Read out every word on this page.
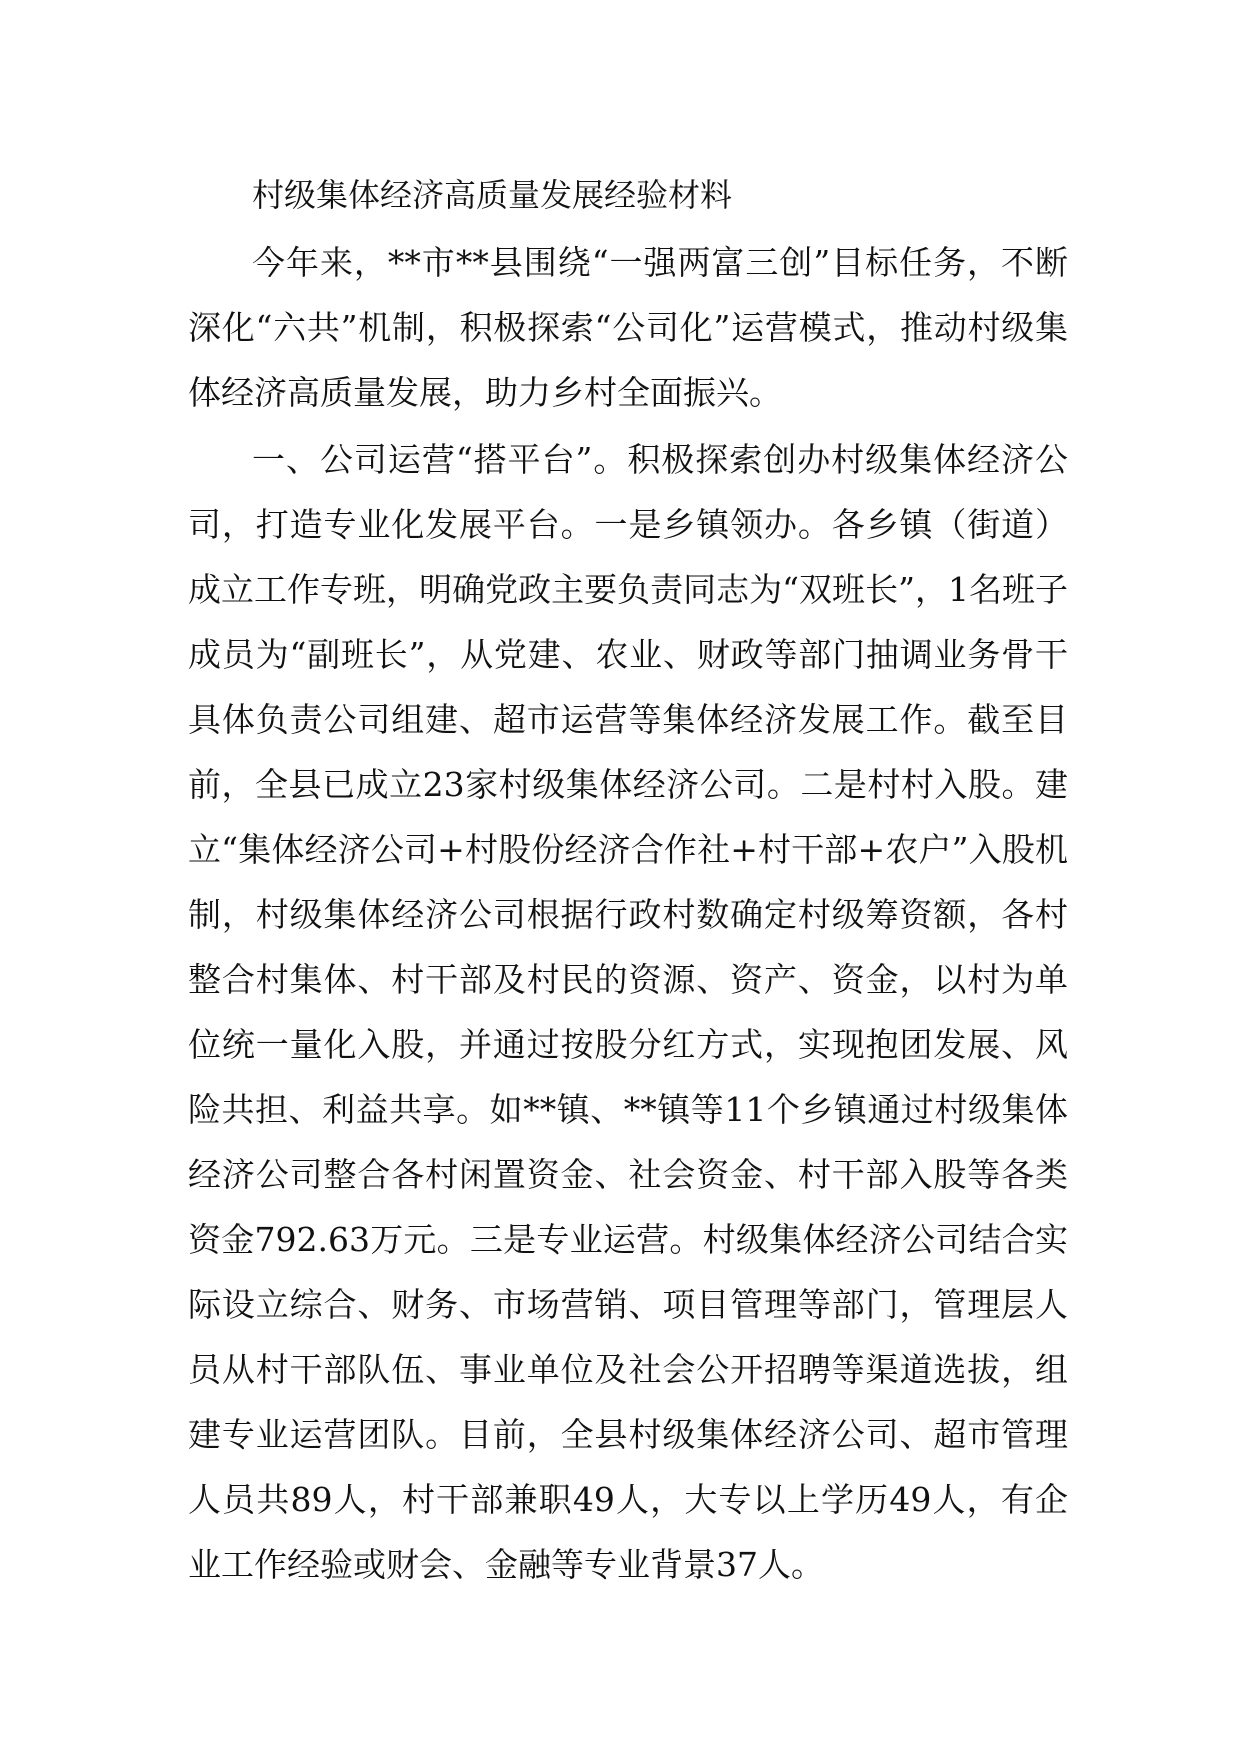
村级集体经济高质量发展经验材料

今年来，**市**县围绕“一强两富三创”目标任务，不断深化“六共”机制，积极探索“公司化”运营模式，推动村级集体经济高质量发展，助力乡村全面振兴。

一、公司运营“搭平台”。积极探索创办村级集体经济公司，打造专业化发展平台。一是乡镇领办。各乡镇（街道）成立工作专班，明确党政主要负责同志为“双班长”，1名班子成员为“副班长”，从党建、农业、财政等部门抽调业务骨干具体负责公司组建、超市运营等集体经济发展工作。截至目前，全县已成立23家村级集体经济公司。二是村村入股。建立“集体经济公司+村股份经济合作社+村干部+农户”入股机制，村级集体经济公司根据行政村数确定村级筹资额，各村整合村集体、村干部及村民的资源、资产、资金，以村为单位统一量化入股，并通过按股分红方式，实现抱团发展、风险共担、利益共享。如**镇、**镇等11个乡镇通过村级集体经济公司整合各村闲置资金、社会资金、村干部入股等各类资金792.63万元。三是专业运营。村级集体经济公司结合实际设立综合、财务、市场营销、项目管理等部门，管理层人员从村干部队伍、事业单位及社会公开招聘等渠道选拔，组建专业运营团队。目前，全县村级集体经济公司、超市管理人员共89人，村干部兼职49人，大专以上学历49人，有企业工作经验或财会、金融等专业背景37人。
